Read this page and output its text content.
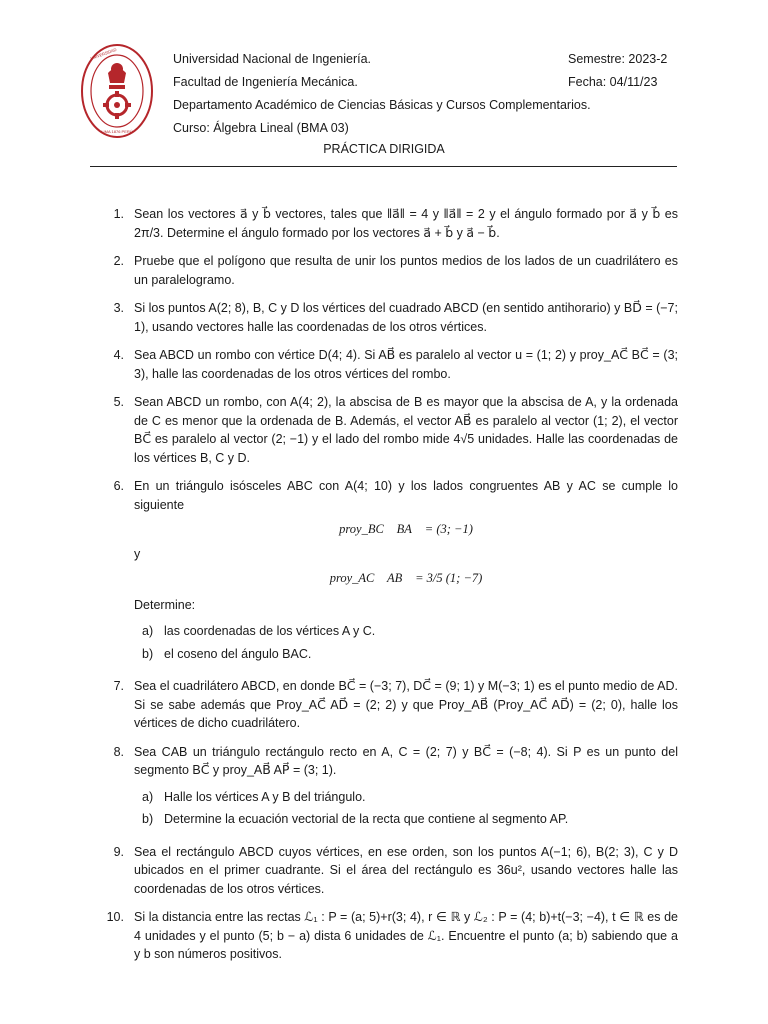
UNIVERSIDAD
LIMA 1876 PERÚ
Universidad Nacional de Ingeniería.
Facultad de Ingeniería Mecánica.
Departamento Académico de Ciencias Básicas y Cursos Complementarios.
Curso: Álgebra Lineal (BMA 03)
Semestre: 2023-2
Fecha: 04/11/23
PRÁCTICA DIRIGIDA
1. Sean los vectores a⃗ y b⃗ vectores, tales que ‖a⃗‖ = 4 y ‖a⃗‖ = 2 y el ángulo formado por a⃗ y b⃗ es 2π/3. Determine el ángulo formado por los vectores a⃗ + b⃗ y a⃗ − b⃗.
2. Pruebe que el polígono que resulta de unir los puntos medios de los lados de un cuadrilátero es un paralelogramo.
3. Si los puntos A(2; 8), B, C y D los vértices del cuadrado ABCD (en sentido antihorario) y BD⃗ = (−7; 1), usando vectores halle las coordenadas de los otros vértices.
4. Sea ABCD un rombo con vértice D(4; 4). Si AB⃗ es paralelo al vector u = (1; 2) y proy_AC⃗ BC⃗ = (3; 3), halle las coordenadas de los otros vértices del rombo.
5. Sean ABCD un rombo, con A(4; 2), la abscisa de B es mayor que la abscisa de A, y la ordenada de C es menor que la ordenada de B. Además, el vector AB⃗ es paralelo al vector (1; 2), el vector BC⃗ es paralelo al vector (2; −1) y el lado del rombo mide 4√5 unidades. Halle las coordenadas de los vértices B, C y D.
6. En un triángulo isósceles ABC con A(4; 10) y los lados congruentes AB y AC se cumple lo siguiente
proy_BC⃗ BA⃗ = (3; −1)
y
proy_AC⃗ AB⃗ = 3/5 (1; −7)
Determine:
a) las coordenadas de los vértices A y C.
b) el coseno del ángulo BAC.
7. Sea el cuadrilátero ABCD, en donde BC⃗ = (−3; 7), DC⃗ = (9; 1) y M(−3; 1) es el punto medio de AD. Si se sabe además que Proy_AC⃗ AD⃗ = (2; 2) y que Proy_AB⃗ (Proy_AC⃗ AD⃗) = (2; 0), halle los vértices de dicho cuadrilátero.
8. Sea CAB un triángulo rectángulo recto en A, C = (2; 7) y BC⃗ = (−8; 4). Si P es un punto del segmento BC⃗ y proy_AB⃗ AP⃗ = (3; 1).
a) Halle los vértices A y B del triángulo.
b) Determine la ecuación vectorial de la recta que contiene al segmento AP.
9. Sea el rectángulo ABCD cuyos vértices, en ese orden, son los puntos A(−1; 6), B(2; 3), C y D ubicados en el primer cuadrante. Si el área del rectángulo es 36u², usando vectores halle las coordenadas de los otros vértices.
10. Si la distancia entre las rectas ℒ₁ : P = (a; 5)+r(3; 4), r ∈ ℝ y ℒ₂ : P = (4; b)+t(−3; −4), t ∈ ℝ es de 4 unidades y el punto (5; b − a) dista 6 unidades de ℒ₁. Encuentre el punto (a; b) sabiendo que a y b son números positivos.
